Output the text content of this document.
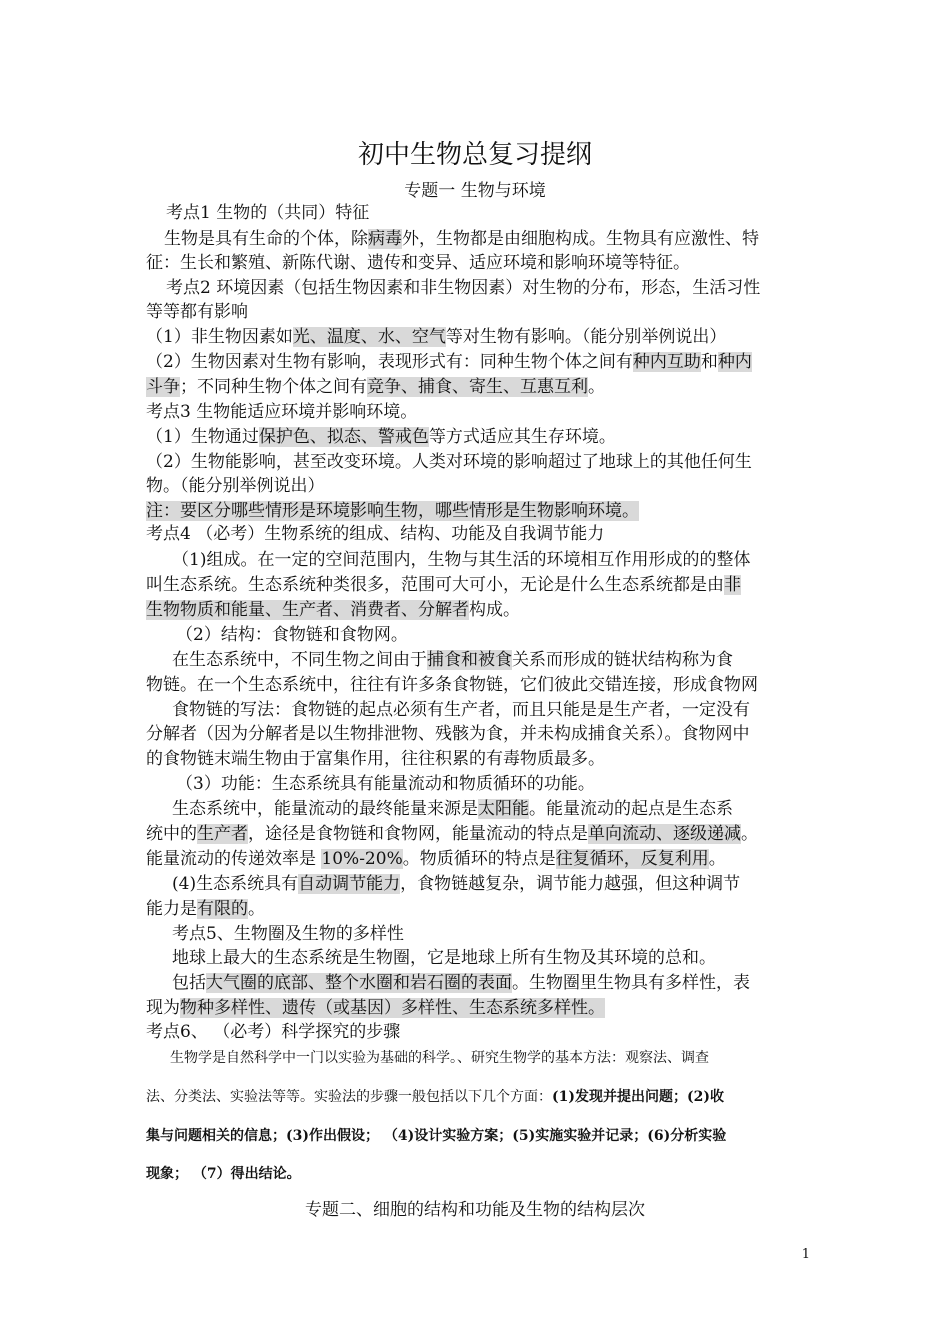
初中生物总复习提纲
专题一 生物与环境
考点1 生物的（共同）特征
生物是具有生命的个体，除病毒外，生物都是由细胞构成。生物具有应激性、特
征：生长和繁殖、新陈代谢、遗传和变异、适应环境和影响环境等特征。
考点2 环境因素（包括生物因素和非生物因素）对生物的分布，形态，生活习性
等等都有影响
（1）非生物因素如光、温度、水、空气等对生物有影响。（能分别举例说出）
（2）生物因素对生物有影响，表现形式有：同种生物个体之间有种内互助和种内
斗争；不同种生物个体之间有竞争、捕食、寄生、互惠互利。
考点3 生物能适应环境并影响环境。
（1）生物通过保护色、拟态、警戒色等方式适应其生存环境。
（2）生物能影响，甚至改变环境。人类对环境的影响超过了地球上的其他任何生
物。（能分别举例说出）
注：要区分哪些情形是环境影响生物，哪些情形是生物影响环境。
考点4 （必考）生物系统的组成、结构、功能及自我调节能力
（1)组成。在一定的空间范围内，生物与其生活的环境相互作用形成的的整体
叫生态系统。生态系统种类很多，范围可大可小，无论是什么生态系统都是由非
生物物质和能量、生产者、消费者、分解者构成。
（2）结构：食物链和食物网。
在生态系统中，不同生物之间由于捕食和被食关系而形成的链状结构称为食
物链。在一个生态系统中，往往有许多条食物链，它们彼此交错连接，形成食物网
食物链的写法：食物链的起点必须有生产者，而且只能是是生产者，一定没有
分解者（因为分解者是以生物排泄物、残骸为食，并未构成捕食关系）。食物网中
的食物链末端生物由于富集作用，往往积累的有毒物质最多。
（3）功能：生态系统具有能量流动和物质循环的功能。
生态系统中，能量流动的最终能量来源是太阳能。能量流动的起点是生态系
统中的生产者，途径是食物链和食物网，能量流动的特点是单向流动、逐级递减。
能量流动的传递效率是 10%-20%。物质循环的特点是往复循环，反复利用。
(4)生态系统具有自动调节能力，食物链越复杂，调节能力越强，但这种调节
能力是有限的。
考点5、生物圈及生物的多样性
地球上最大的生态系统是生物圈，它是地球上所有生物及其环境的总和。
包括大气圈的底部、整个水圈和岩石圈的表面。生物圈里生物具有多样性，表
现为物种多样性、遗传（或基因）多样性、生态系统多样性。
考点6、 （必考）科学探究的步骤
生物学是自然科学中一门以实验为基础的科学。、研究生物学的基本方法：观察法、调查
法、分类法、实验法等等。实验法的步骤一般包括以下几个方面：(1)发现并提出问题；(2)收
集与问题相关的信息；(3)作出假设； （4)设计实验方案；(5)实施实验并记录；(6)分析实验
现象； （7）得出结论。
专题二、细胞的结构和功能及生物的结构层次
1
